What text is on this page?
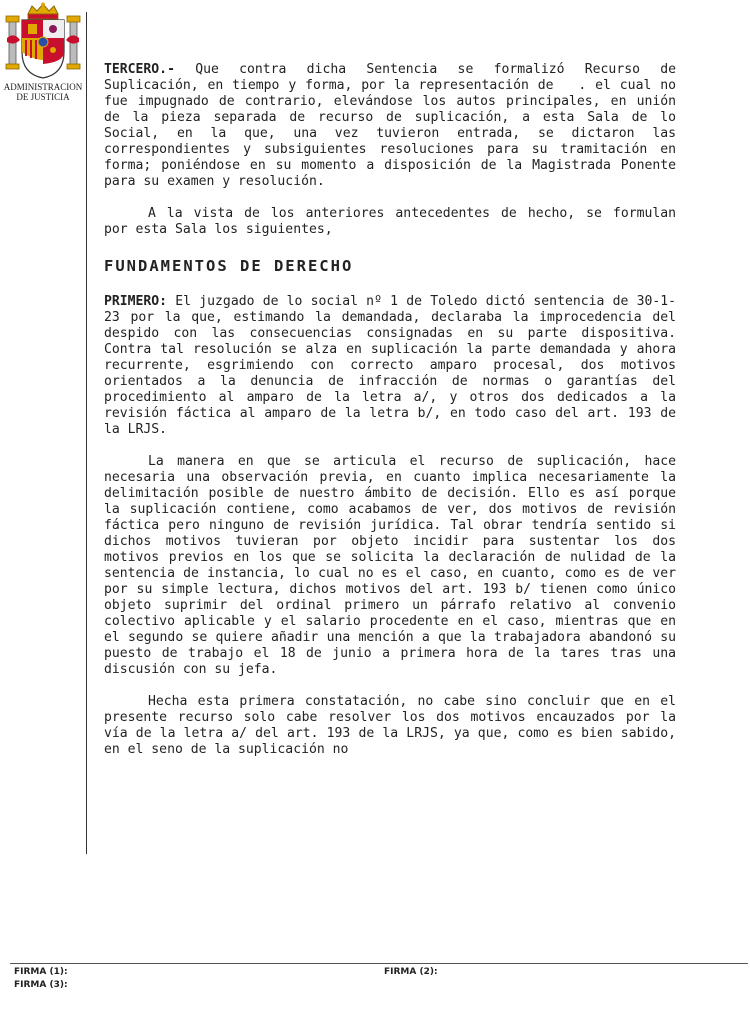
ADMINISTRACION
DE JUSTICIA

TERCERO.- Que contra dicha Sentencia se formalizó Recurso de Suplicación, en tiempo y forma, por la representación de . el cual no fue impugnado de contrario, elevándose los autos principales, en unión de la pieza separada de recurso de suplicación, a esta Sala de lo Social, en la que, una vez tuvieron entrada, se dictaron las correspondientes y subsiguientes resoluciones para su tramitación en forma; poniéndose en su momento a disposición de la Magistrada Ponente para su examen y resolución.

A la vista de los anteriores antecedentes de hecho, se formulan por esta Sala los siguientes,

FUNDAMENTOS DE DERECHO

PRIMERO: El juzgado de lo social nº 1 de Toledo dictó sentencia de 30-1-23 por la que, estimando la demandada, declaraba la improcedencia del despido con las consecuencias consignadas en su parte dispositiva. Contra tal resolución se alza en suplicación la parte demandada y ahora recurrente, esgrimiendo con correcto amparo procesal, dos motivos orientados a la denuncia de infracción de normas o garantías del procedimiento al amparo de la letra a/, y otros dos dedicados a la revisión fáctica al amparo de la letra b/, en todo caso del art. 193 de la LRJS.

La manera en que se articula el recurso de suplicación, hace necesaria una observación previa, en cuanto implica necesariamente la delimitación posible de nuestro ámbito de decisión. Ello es así porque la suplicación contiene, como acabamos de ver, dos motivos de revisión fáctica pero ninguno de revisión jurídica. Tal obrar tendría sentido si dichos motivos tuvieran por objeto incidir para sustentar los dos motivos previos en los que se solicita la declaración de nulidad de la sentencia de instancia, lo cual no es el caso, en cuanto, como es de ver por su simple lectura, dichos motivos del art. 193 b/ tienen como único objeto suprimir del ordinal primero un párrafo relativo al convenio colectivo aplicable y el salario procedente en el caso, mientras que en el segundo se quiere añadir una mención a que la trabajadora abandonó su puesto de trabajo el 18 de junio a primera hora de la tares tras una discusión con su jefa.

Hecha esta primera constatación, no cabe sino concluir que en el presente recurso solo cabe resolver los dos motivos encauzados por la vía de la letra a/ del art. 193 de la LRJS, ya que, como es bien sabido, en el seno de la suplicación no

FIRMA (1):	FIRMA (2):
FIRMA (3):
